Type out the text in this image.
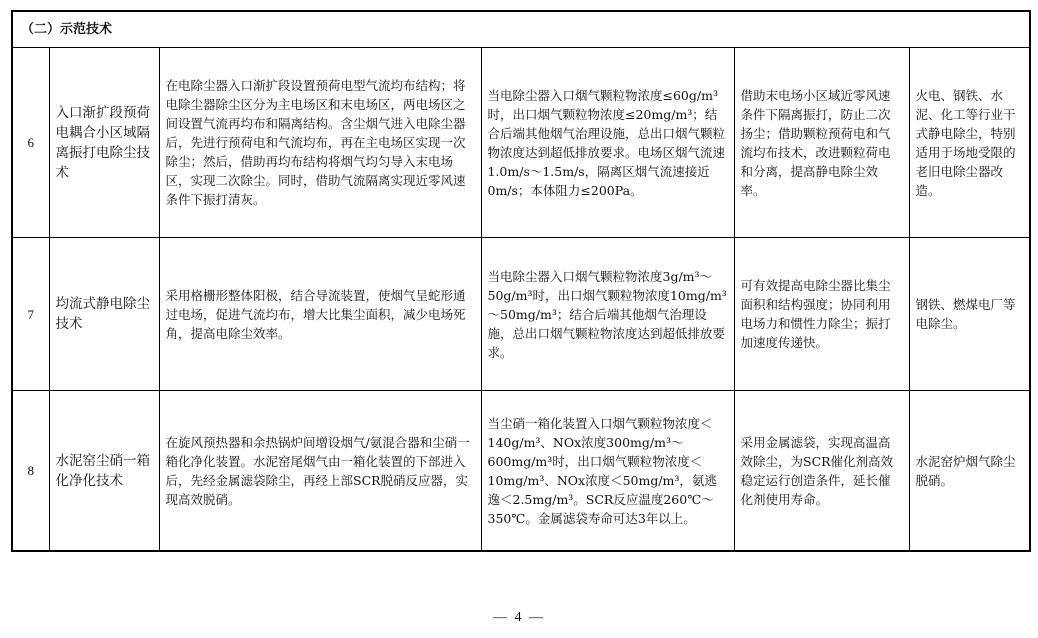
（二）示范技术					
6	入口渐扩段预荷电耦合小区域隔离振打电除尘技术	在电除尘器入口渐扩段设置预荷电型气流均布结构；将电除尘器除尘区分为主电场区和末电场区，两电场区之间设置气流再均布和隔离结构。含尘烟气进入电除尘器后，先进行预荷电和气流均布，再在主电场区实现一次除尘；然后，借助再均布结构将烟气均匀导入末电场区，实现二次除尘。同时，借助气流隔离实现近零风速条件下振打清灰。	当电除尘器入口烟气颗粒物浓度≤60g/m³时，出口烟气颗粒物浓度≤20mg/m³；结合后端其他烟气治理设施，总出口烟气颗粒物浓度达到超低排放要求。电场区烟气流速1.0m/s～1.5m/s，隔离区烟气流速接近0m/s；本体阻力≤200Pa。	借助末电场小区域近零风速条件下隔离振打，防止二次扬尘；借助颗粒预荷电和气流均布技术，改进颗粒荷电和分离，提高静电除尘效率。	火电、钢铁、水泥、化工等行业干式静电除尘，特别适用于场地受限的老旧电除尘器改造。
7	均流式静电除尘技术	采用格栅形整体阳极，结合导流装置，使烟气呈蛇形通过电场，促进气流均布，增大比集尘面积，减少电场死角，提高电除尘效率。	当电除尘器入口烟气颗粒物浓度3g/m³～50g/m³时，出口烟气颗粒物浓度10mg/m³～50mg/m³；结合后端其他烟气治理设施，总出口烟气颗粒物浓度达到超低排放要求。	可有效提高电除尘器比集尘面积和结构强度；协同利用电场力和惯性力除尘；振打加速度传递快。	钢铁、燃煤电厂等电除尘。
8	水泥窑尘硝一箱化净化技术	在旋风预热器和余热锅炉间增设烟气/氨混合器和尘硝一箱化净化装置。水泥窑尾烟气由一箱化装置的下部进入后，先经金属滤袋除尘，再经上部SCR脱硝反应器，实现高效脱硝。	当尘硝一箱化装置入口烟气颗粒物浓度＜140g/m³、NOx浓度300mg/m³～600mg/m³时，出口烟气颗粒物浓度＜10mg/m³、NOx浓度＜50mg/m³，氨逃逸＜2.5mg/m³。SCR反应温度260℃～350℃。金属滤袋寿命可达3年以上。	采用金属滤袋，实现高温高效除尘，为SCR催化剂高效稳定运行创造条件，延长催化剂使用寿命。	水泥窑炉烟气除尘脱硝。
— 4 —
